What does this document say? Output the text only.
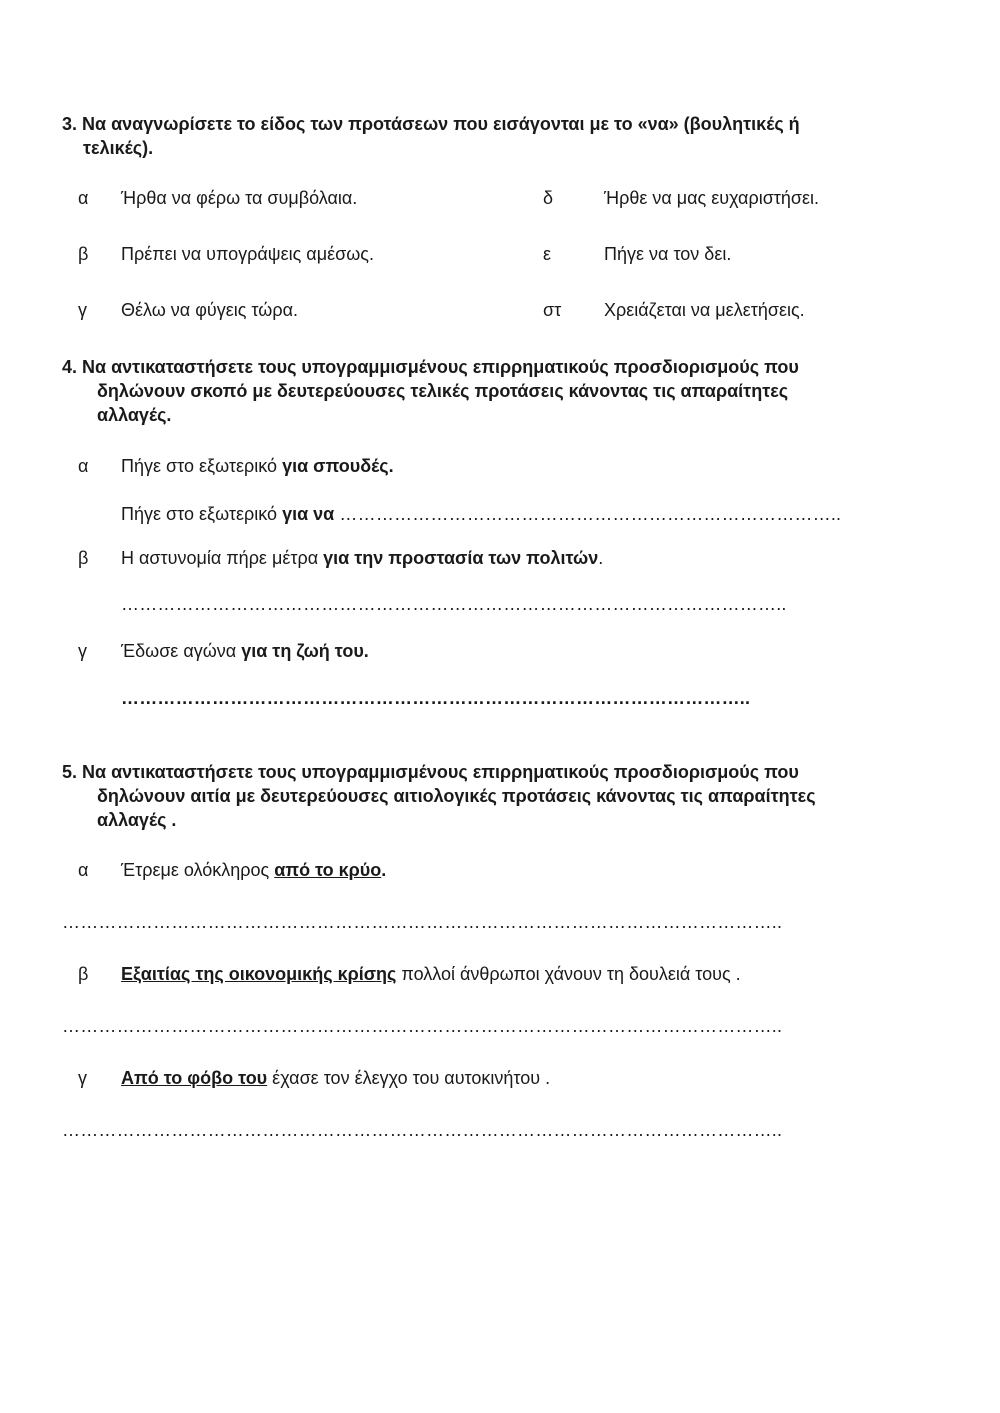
3. Να αναγνωρίσετε το είδος των προτάσεων που εισάγονται με το «να» (βουλητικές ή
τελικές).
α Ήρθα να φέρω τα συμβόλαια.
β Πρέπει να υπογράψεις αμέσως.
γ Θέλω να φύγεις τώρα.
δ	Ήρθε να μας ευχαριστήσει.
ε	Πήγε να τον δει.
στ Χρειάζεται να μελετήσεις.
4. Να αντικαταστήσετε τους υπογραμμισμένους επιρρηματικούς προσδιορισμούς που
δηλώνουν σκοπό με δευτερεύουσες τελικές προτάσεις κάνοντας τις απαραίτητες
αλλαγές.
α Πήγε στο εξωτερικό για σπουδές.
Πήγε στο εξωτερικό για να ………………………………………………………………………..
β Η αστυνομία πήρε μέτρα για την προστασία των πολιτών.
………………………………………………………………………………………………..
γ Έδωσε αγώνα για τη ζωή του.
…………………………………………………………………………………………..
5. Να αντικαταστήσετε τους υπογραμμισμένους επιρρηματικούς προσδιορισμούς που
δηλώνουν αιτία με δευτερεύουσες αιτιολογικές προτάσεις κάνοντας τις απαραίτητες
αλλαγές .
α Έτρεμε ολόκληρος από το κρύο.
………………………………………………………………………………………………………..
β Εξαιτίας της οικονομικής κρίσης πολλοί άνθρωποι χάνουν τη δουλειά τους .
………………………………………………………………………………………………………..
γ Από το φόβο του έχασε τον έλεγχο του αυτοκινήτου .
………………………………………………………………………………………………………..
